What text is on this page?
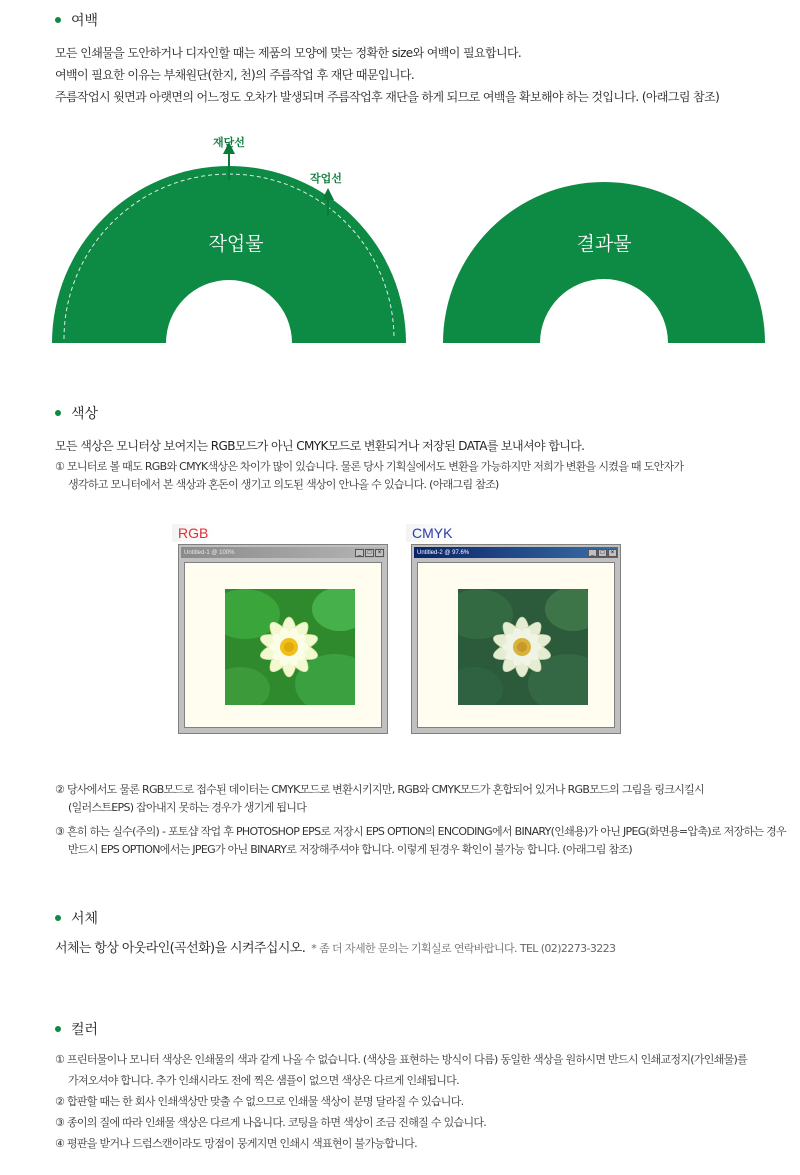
여백
모든 인쇄물을 도안하거나 디자인할 때는 제품의 모양에 맞는 정확한 size와 여백이 필요합니다.
여백이 필요한 이유는 부채원단(한지, 천)의 주름작업 후 재단 때문입니다.
주름작업시 윗면과 아랫면의 어느정도 오차가 발생되며 주름작업후 재단을 하게 되므로 여백을 확보해야 하는 것입니다. (아래그림 참조)
재단선
작업선
작업물	결과물
색상
모든 색상은 모니터상 보여지는 RGB모드가 아닌 CMYK모드로 변환되거나 저장된 DATA를 보내셔야 합니다.
① 모니터로 볼 때도 RGB와 CMYK색상은 차이가 많이 있습니다. 물론 당사 기획실에서도 변환을 가능하지만 저희가 변환을 시켰을 때 도안자가
생각하고 모니터에서 본 색상과 혼돈이 생기고 의도된 색상이 안나올 수 있습니다. (아래그림 참조)
RGB
Untitled-1 @ 100%	_	□	×
CMYK
Untitled-2 @ 97.6%	_	□	×
② 당사에서도 물론 RGB모드로 접수된 데이터는 CMYK모드로 변환시키지만, RGB와 CMYK모드가 혼합되어 있거나 RGB모드의 그림을 링크시킬시
(일러스트EPS) 잡아내지 못하는 경우가 생기게 됩니다
③ 흔히 하는 실수(주의) - 포토샵 작업 후 PHOTOSHOP EPS로 저장시 EPS OPTION의 ENCODING에서 BINARY(인쇄용)가 아닌 JPEG(화면용=압축)로 저장하는 경우
반드시 EPS OPTION에서는 JPEG가 아닌 BINARY로 저장해주셔야 합니다. 이렇게 된경우 확인이 불가능 합니다. (아래그림 참조)
서체
서체는 항상 아웃라인(곡선화)을 시켜주십시오. * 좀 더 자세한 문의는 기획실로 연락바랍니다. TEL (02)2273-3223
컬러
① 프린터물이나 모니터 색상은 인쇄물의 색과 같게 나올 수 없습니다. (색상을 표현하는 방식이 다름) 동일한 색상을 원하시면 반드시 인쇄교정지(가인쇄물)를
가져오셔야 합니다. 추가 인쇄시라도 전에 찍은 샘플이 없으면 색상은 다르게 인쇄됩니다.
② 합판할 때는 한 회사 인쇄색상만 맞출 수 없으므로 인쇄물 색상이 분명 달라질 수 있습니다.
③ 종이의 질에 따라 인쇄물 색상은 다르게 나옵니다. 코팅을 하면 색상이 조금 진해질 수 있습니다.
④ 평판을 받거나 드럼스캔이라도 망점이 뭉게지면 인쇄시 색표현이 불가능합니다.
